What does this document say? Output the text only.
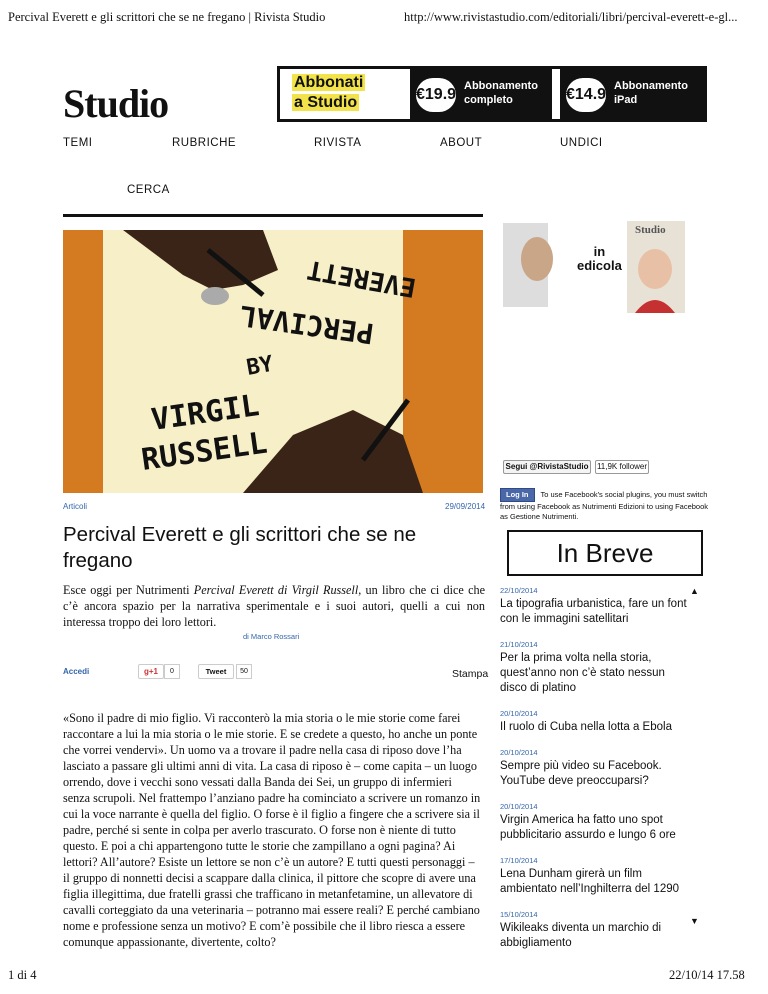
Percival Everett e gli scrittori che se ne fregano | Rivista Studio	http://www.rivistastudio.com/editoriali/libri/percival-everett-e-gl...
Studio	Abbonati
a Studio	€19.99 Abbonamento
completo	€14.99 Abbonamento
iPad
TEMI	RUBRICHE	RIVISTA	ABOUT	UNDICI
CERCA
EVERETT
PERCIVAL
BY
VIRGIL
RUSSELL
Studio
in
edicola
Segui @RivistaStudio	11,9K follower
Log In To use Facebook's social plugins, you must switch from using Facebook as Nutrimenti Edizioni to using Facebook as Gestione Nutrimenti.
Articoli	29/09/2014
Percival Everett e gli scrittori che se ne fregano
Esce oggi per Nutrimenti Percival Everett di Virgil Russell, un libro che ci dice che c’è ancora spazio per la narrativa sperimentale e i suoi autori, quelli a cui non interessa troppo dei loro lettori.
di Marco Rossari
Accedi	g+1	0	Tweet	50	Stampa
«Sono il padre di mio figlio. Vi racconterò la mia storia o le mie storie come farei raccontare a lui la mia storia o le mie storie. E se credete a questo, ho anche un ponte che vorrei vendervi». Un uomo va a trovare il padre nella casa di riposo dove l’ha lasciato a passare gli ultimi anni di vita. La casa di riposo è – come capita – un luogo orrendo, dove i vecchi sono vessati dalla Banda dei Sei, un gruppo di infermieri senza scrupoli. Nel frattempo l’anziano padre ha cominciato a scrivere un romanzo in cui la voce narrante è quella del figlio. O forse è il figlio a fingere che a scrivere sia il padre, perché si sente in colpa per averlo trascurato. O forse non è niente di tutto questo. E poi a chi appartengono tutte le storie che zampillano a ogni pagina? Ai lettori? All’autore? Esiste un lettore se non c’è un autore? E tutti questi personaggi – il gruppo di nonnetti decisi a scappare dalla clinica, il pittore che scopre di avere una figlia illegittima, due fratelli grassi che trafficano in metanfetamine, un allevatore di cavalli corteggiato da una veterinaria – potranno mai essere reali? E perché cambiano nome e professione senza un motivo? E com’è possibile che il libro riesca a essere comunque appassionante, divertente, colto?
In Breve
22/10/2014
La tipografia urbanistica, fare un font con le immagini satellitari
21/10/2014
Per la prima volta nella storia, quest’anno non c’è stato nessun disco di platino
20/10/2014
Il ruolo di Cuba nella lotta a Ebola
20/10/2014
Sempre più video su Facebook. YouTube deve preoccuparsi?
20/10/2014
Virgin America ha fatto uno spot pubblicitario assurdo e lungo 6 ore
17/10/2014
Lena Dunham girerà un film ambientato nell’Inghilterra del 1290
15/10/2014
Wikileaks diventa un marchio di abbigliamento
▲
▼
1 di 4	22/10/14 17.58
